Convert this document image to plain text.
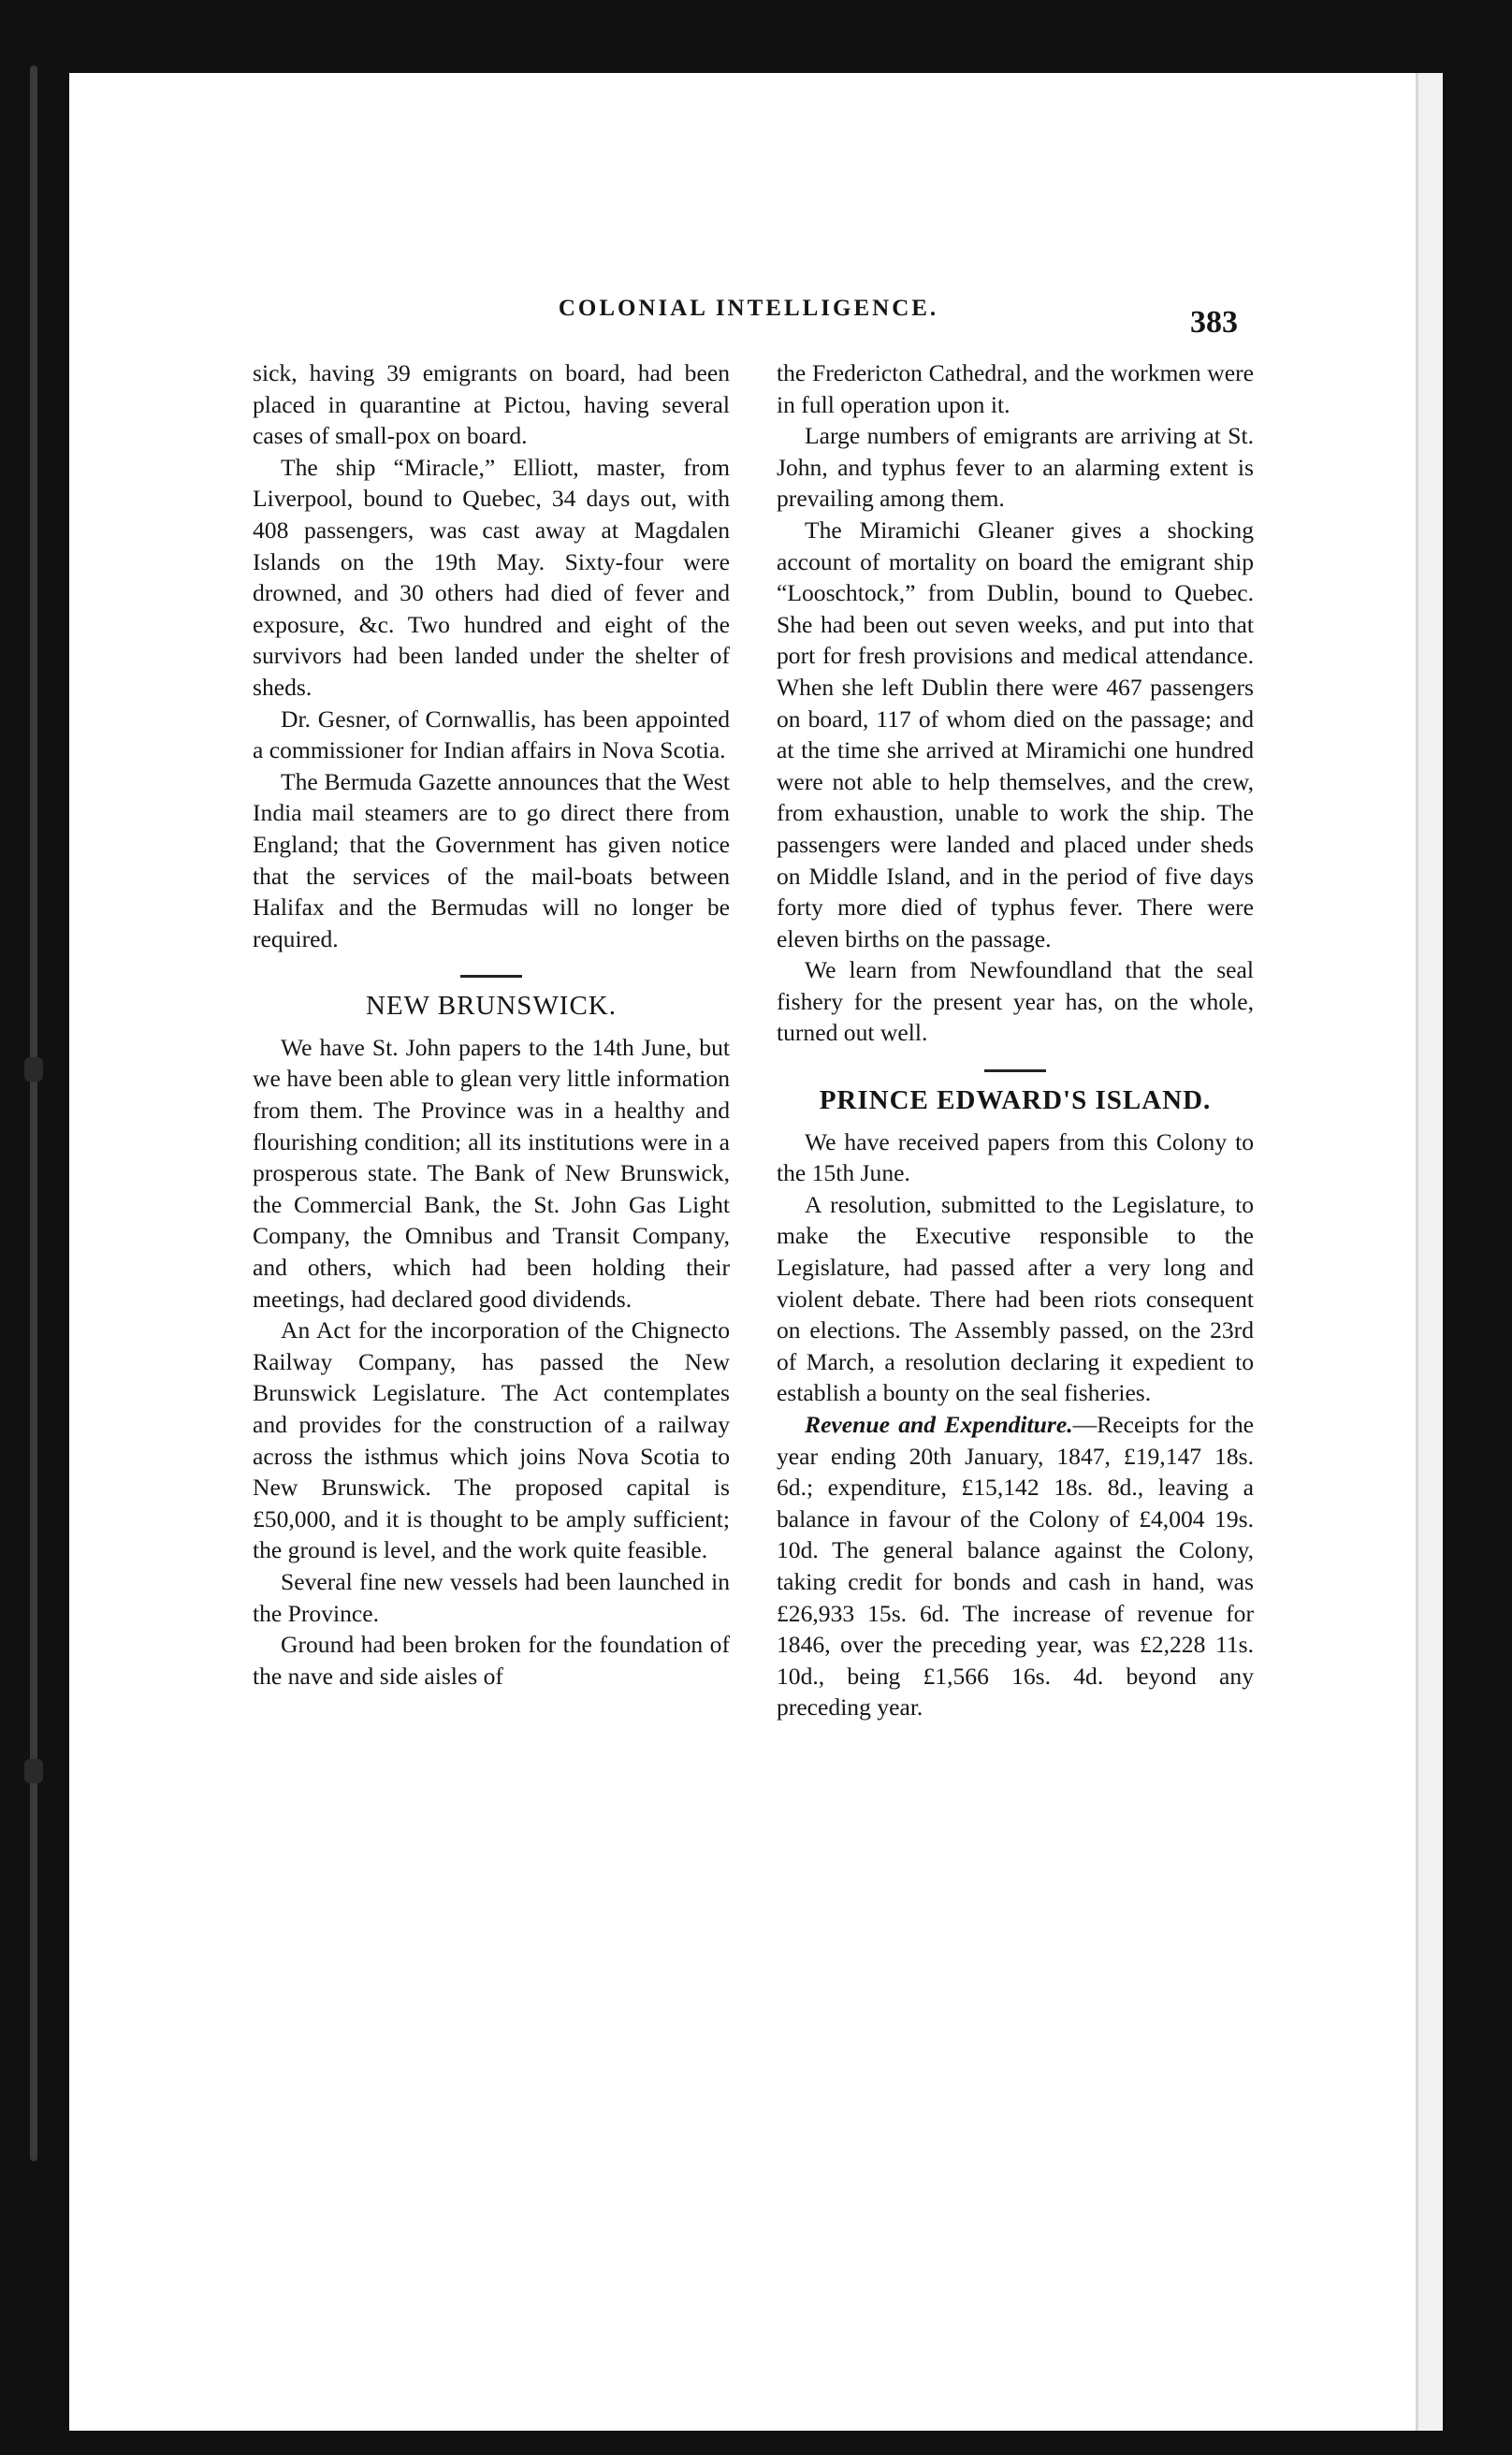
COLONIAL INTELLIGENCE.	383

sick, having 39 emigrants on board, had been placed in quarantine at Pictou, having several cases of small-pox on board.

The ship “Miracle,” Elliott, master, from Liverpool, bound to Quebec, 34 days out, with 408 passengers, was cast away at Magdalen Islands on the 19th May. Sixty-four were drowned, and 30 others had died of fever and exposure, &c. Two hundred and eight of the survivors had been landed under the shelter of sheds.

Dr. Gesner, of Cornwallis, has been appointed a commissioner for Indian affairs in Nova Scotia.

The Bermuda Gazette announces that the West India mail steamers are to go direct there from England; that the Government has given notice that the services of the mail-boats between Halifax and the Bermudas will no longer be required.

NEW BRUNSWICK.

We have St. John papers to the 14th June, but we have been able to glean very little information from them. The Province was in a healthy and flourishing condition; all its institutions were in a prosperous state. The Bank of New Brunswick, the Commercial Bank, the St. John Gas Light Company, the Omnibus and Transit Company, and others, which had been holding their meetings, had declared good dividends.

An Act for the incorporation of the Chignecto Railway Company, has passed the New Brunswick Legislature. The Act contemplates and provides for the construction of a railway across the isthmus which joins Nova Scotia to New Brunswick. The proposed capital is £50,000, and it is thought to be amply sufficient; the ground is level, and the work quite feasible.

Several fine new vessels had been launched in the Province.

Ground had been broken for the foundation of the nave and side aisles of

the Fredericton Cathedral, and the workmen were in full operation upon it.

Large numbers of emigrants are arriving at St. John, and typhus fever to an alarming extent is prevailing among them.

The Miramichi Gleaner gives a shocking account of mortality on board the emigrant ship “Looschtock,” from Dublin, bound to Quebec. She had been out seven weeks, and put into that port for fresh provisions and medical attendance. When she left Dublin there were 467 passengers on board, 117 of whom died on the passage; and at the time she arrived at Miramichi one hundred were not able to help themselves, and the crew, from exhaustion, unable to work the ship. The passengers were landed and placed under sheds on Middle Island, and in the period of five days forty more died of typhus fever. There were eleven births on the passage.

We learn from Newfoundland that the seal fishery for the present year has, on the whole, turned out well.

PRINCE EDWARD'S ISLAND.

We have received papers from this Colony to the 15th June.

A resolution, submitted to the Legislature, to make the Executive responsible to the Legislature, had passed after a very long and violent debate. There had been riots consequent on elections. The Assembly passed, on the 23rd of March, a resolution declaring it expedient to establish a bounty on the seal fisheries.

Revenue and Expenditure.—Receipts for the year ending 20th January, 1847, £19,147 18s. 6d.; expenditure, £15,142 18s. 8d., leaving a balance in favour of the Colony of £4,004 19s. 10d. The general balance against the Colony, taking credit for bonds and cash in hand, was £26,933 15s. 6d. The increase of revenue for 1846, over the preceding year, was £2,228 11s. 10d., being £1,566 16s. 4d. beyond any preceding year.
